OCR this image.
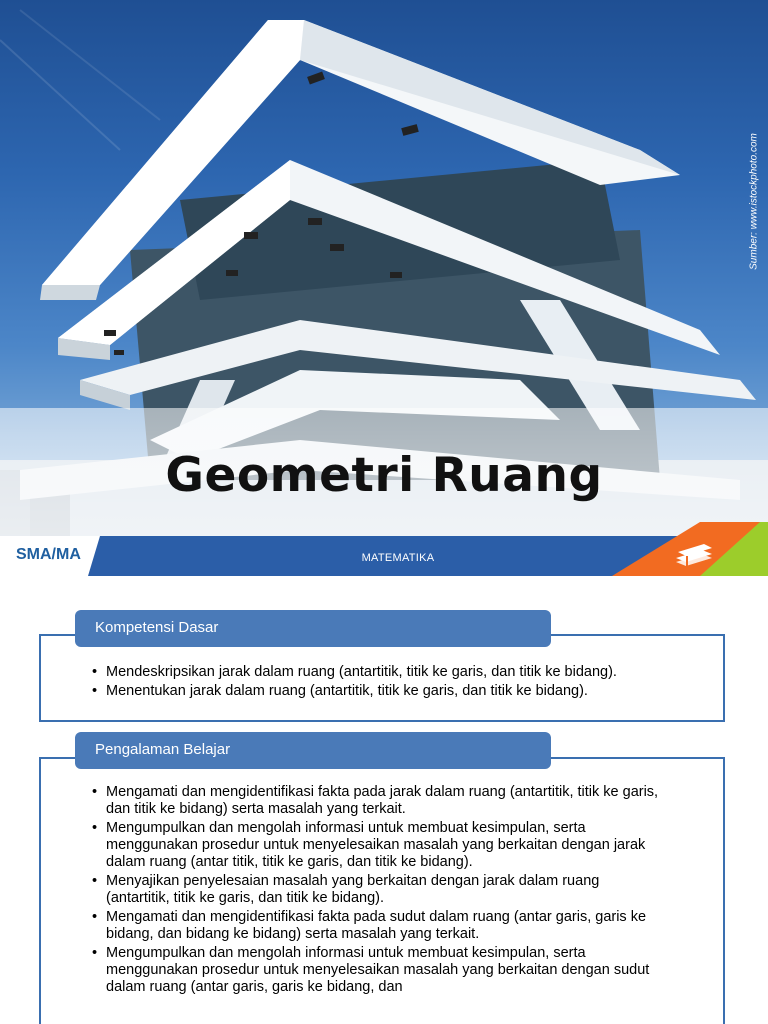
Geometri Ruang
Sumber: www.istockphoto.com
SMA/MA	MATEMATIKA
Kompetensi Dasar
• Mendeskripsikan jarak dalam ruang (antartitik, titik ke garis, dan titik ke bidang).
• Menentukan jarak dalam ruang (antartitik, titik ke garis, dan titik ke bidang).
Pengalaman Belajar
• Mengamati dan mengidentifikasi fakta pada jarak dalam ruang (antartitik, titik ke garis, dan titik ke bidang) serta masalah yang terkait.
• Mengumpulkan dan mengolah informasi untuk membuat kesimpulan, serta menggunakan prosedur untuk menyelesaikan masalah yang berkaitan dengan jarak dalam ruang (antar titik, titik ke garis, dan titik ke bidang).
• Menyajikan penyelesaian masalah yang berkaitan dengan jarak dalam ruang (antartitik, titik ke garis, dan titik ke bidang).
• Mengamati dan mengidentifikasi fakta pada sudut dalam ruang (antar garis, garis ke bidang, dan bidang ke bidang) serta masalah yang terkait.
• Mengumpulkan dan mengolah informasi untuk membuat kesimpulan, serta menggunakan prosedur untuk menyelesaikan masalah yang berkaitan dengan sudut dalam ruang (antar garis, garis ke bidang, dan
